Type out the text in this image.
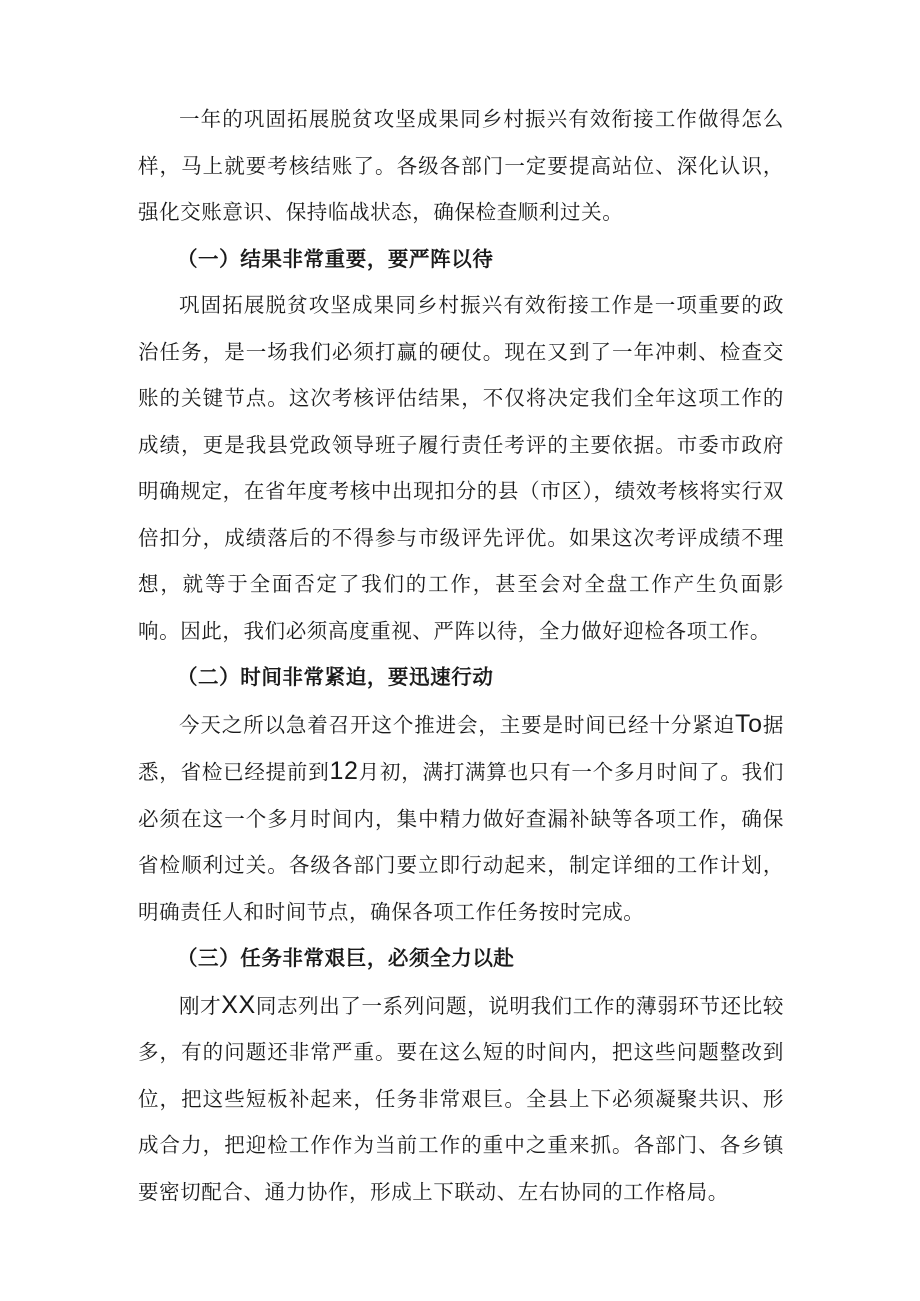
一年的巩固拓展脱贫攻坚成果同乡村振兴有效衔接工作做得怎么样，马上就要考核结账了。各级各部门一定要提高站位、深化认识，强化交账意识、保持临战状态，确保检查顺利过关。

（一）结果非常重要，要严阵以待

巩固拓展脱贫攻坚成果同乡村振兴有效衔接工作是一项重要的政治任务，是一场我们必须打赢的硬仗。现在又到了一年冲刺、检查交账的关键节点。这次考核评估结果，不仅将决定我们全年这项工作的成绩，更是我县党政领导班子履行责任考评的主要依据。市委市政府明确规定，在省年度考核中出现扣分的县（市区），绩效考核将实行双倍扣分，成绩落后的不得参与市级评先评优。如果这次考评成绩不理想，就等于全面否定了我们的工作，甚至会对全盘工作产生负面影响。因此，我们必须高度重视、严阵以待，全力做好迎检各项工作。

（二）时间非常紧迫，要迅速行动

今天之所以急着召开这个推进会，主要是时间已经十分紧迫To据悉，省检已经提前到12月初，满打满算也只有一个多月时间了。我们必须在这一个多月时间内，集中精力做好查漏补缺等各项工作，确保省检顺利过关。各级各部门要立即行动起来，制定详细的工作计划，明确责任人和时间节点，确保各项工作任务按时完成。

（三）任务非常艰巨，必须全力以赴

刚才XX同志列出了一系列问题，说明我们工作的薄弱环节还比较多，有的问题还非常严重。要在这么短的时间内，把这些问题整改到位，把这些短板补起来，任务非常艰巨。全县上下必须凝聚共识、形成合力，把迎检工作作为当前工作的重中之重来抓。各部门、各乡镇要密切配合、通力协作，形成上下联动、左右协同的工作格局。
